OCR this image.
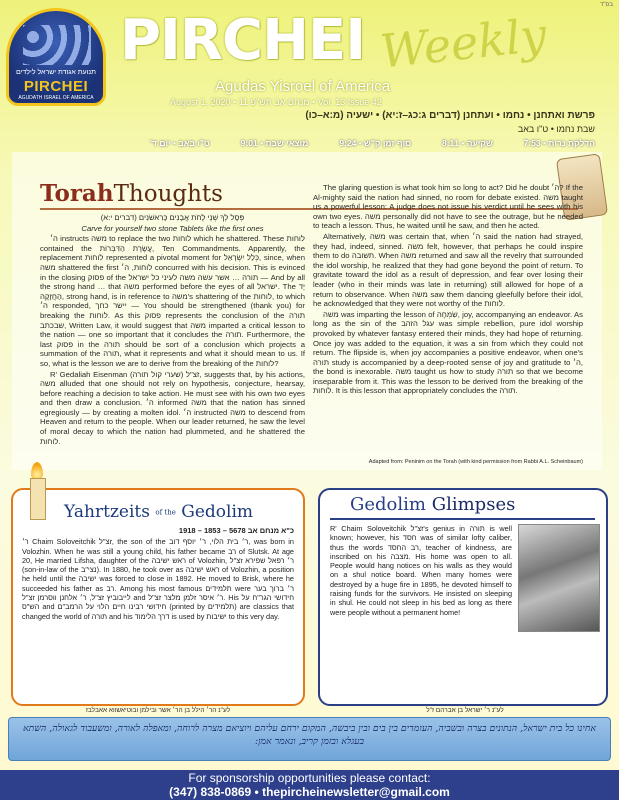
בס"ד
תנועת אגודת ישראל לילדים
PIRCHEI
AGUDATH ISRAEL OF AMERICA
PIRCHEI Weekly
Agudas Yisroel of America
August 1, 2020 • 11 מנחם אב תש"פ • Vol. 13 Issue 42
פרשת ואתחנן • נחמו • ועתחנן (דברים ג:כג–ז:יא) • ישעיה (מ:א–כו)
שבת נחמו • ט"ו באב
הדלקת נרות • 7:53
שקיעה • 8:11
סוף זמן ק"ש • 9:24
מוצאי שבת • 9:01
ט"ו באב • יום ד'
TorahThoughts

פְּסָל לְךָ שְׁנֵי לֻחֹת אֲבָנִים כָּרִאשֹׁנִים (דברים י:א)

Carve for yourself two stone Tablets like the first ones

ה׳ instructs משה to replace the two לוחות which he shattered. These לוחות contained the עֲשֶׂרֶת הַדִּבְּרוֹת, Ten Commandments. Apparently, the replacement לוחות represented a pivotal moment for כְּלַל יִשְׂרָאֵל, since, when משה shattered the first לוחות, ה׳ concurred with his decision. This is evinced in the closing פסוק of the תורה … אשר עשה משה לעיני כל ישראל — And by all the strong hand … that משה performed before the eyes of all ישראל. The יָד הַחֲזָקָה, strong hand, is in reference to משה's shattering of the לוחות, to which ה׳ responded, יישר כחך — You should be strengthened (thank you) for breaking the לוחות. As this פסוק represents the conclusion of the תורה שבכתב, Written Law, it would suggest that משה imparted a critical lesson to the nation — one so important that it concludes the תורה. Furthermore, the last פסוק in the תורה should be sort of a conclusion which projects a summation of the תורה, what it represents and what it should mean to us. If so, what is the lesson we are to derive from the breaking of the לוחות?

R' Gedaliah Eisenman זצ"ל (שערי קול תורה), suggests that, by his actions, משה alluded that one should not rely on hypothesis, conjecture, hearsay, before reaching a decision to take action. He must see with his own two eyes and then draw a conclusion. ה׳ informed משה that the nation has sinned egregiously — by creating a molten idol. ה׳ instructed משה to descend from Heaven and return to the people. When our leader returned, he saw the level of moral decay to which the nation had plummeted, and he shattered the לוחות.

The glaring question is what took him so long to act? Did he doubt ה׳? If the Al-mighty said the nation had sinned, no room for debate existed. משה taught us a powerful lesson: A judge does not issue his verdict until he sees with his own two eyes. משה personally did not have to see the outrage, but he needed to teach a lesson. Thus, he waited until he saw, and then he acted.

Alternatively, משה was certain that, when ה׳ said the nation had strayed, they had, indeed, sinned. משה felt, however, that perhaps he could inspire them to do תשובה. When משה returned and saw all the revelry that surrounded the idol worship, he realized that they had gone beyond the point of return. To gravitate toward the idol as a result of depression, and fear over losing their leader (who in their minds was late in returning) still allowed for hope of a return to observance. When משה saw them dancing gleefully before their idol, he acknowledged that they were not worthy of the לוחות.

משה was imparting the lesson of שִׂמְחָה, joy, accompanying an endeavor. As long as the sin of the עגל הזהב was simple rebellion, pure idol worship provoked by whatever fantasy entered their minds, they had hope of returning. Once joy was added to the equation, it was a sin from which they could not return. The flipside is, when joy accompanies a positive endeavor, when one's תורה study is accompanied by a deep-rooted sense of joy and gratitude to ה׳, the bond is inexorable. משה taught us how to study תורה so that we become inseparable from it. This was the lesson to be derived from the breaking of the לוחות. It is this lesson that appropriately concludes the תורה.

Adapted from: Peninim on the Torah (with kind permission from Rabbi A.L. Scheinbaum)

Yahrtzeits of the Gedolim
כ"א מנחם אב 5678 – 1853 – 1918
ר׳ Chaim Soloveitchik זצ"ל, the son of the ר׳ בית הלוי, ר׳ יוסף דוב, was born in Volozhin. When he was still a young child, his father became רב of Slutsk. At age 20, He married Lifsha, daughter of the ראש ישיבה of Volozhin, ר׳ רפאל שפירא זצ"ל (son-in-law of the נצי"ב). In 1880, he took over as ראש ישיבה of Volozhin, a position he held until the ישיבה was forced to close in 1892. He moved to Brisk, where he succeeded his father as רב. Among his most famous תלמידים were ר׳ ברוך בער לייבוביץ זצ"ל, ר׳ אלחנן ווסרמן זצ"ל and ר׳ איסר זלמן מלצר זצ"ל. His חידושי הגר"ח על הש"ס and חידושי רבינו חיים הלוי על הרמב"ם (printed by תלמידים) are classics that changed the world of תורה and his דרך הלימוד is used by ישיבות to this very day.
לע"נ הר׳ הילל בן הר׳ אשר ובילמן ובוטיאשווא אאבלבז
Gedolim Glimpses
R' Chaim Soloveitchik זצ"ל's genius in תורה is well known; however, his חסד was of similar lofty caliber, thus the words רב החסד, teacher of kindness, are inscribed on his מצבה. His home was open to all. People would hang notices on his walls as they would on a shul notice board. When many homes were destroyed by a huge fire in 1895, he devoted himself to raising funds for the survivors. He insisted on sleeping in shul. He could not sleep in his bed as long as there were people without a permanent home!
לע"נ ר׳ ישראל בן אברהם ז"ל
אחינו כל בית ישראל, הנתונים בצרה ובשביה, העומדים בין בים ובין ביבשה, המקום ירחם עליהם ויוציאם מצרה לרוחה, ומאפלה לאורה, ומשעבוד לגאולה, השתא בעגלא ובזמן קריב, ונאמר אמן:
For sponsorship opportunities please contact:
(347) 838-0869 • thepircheinewsletter@gmail.com
